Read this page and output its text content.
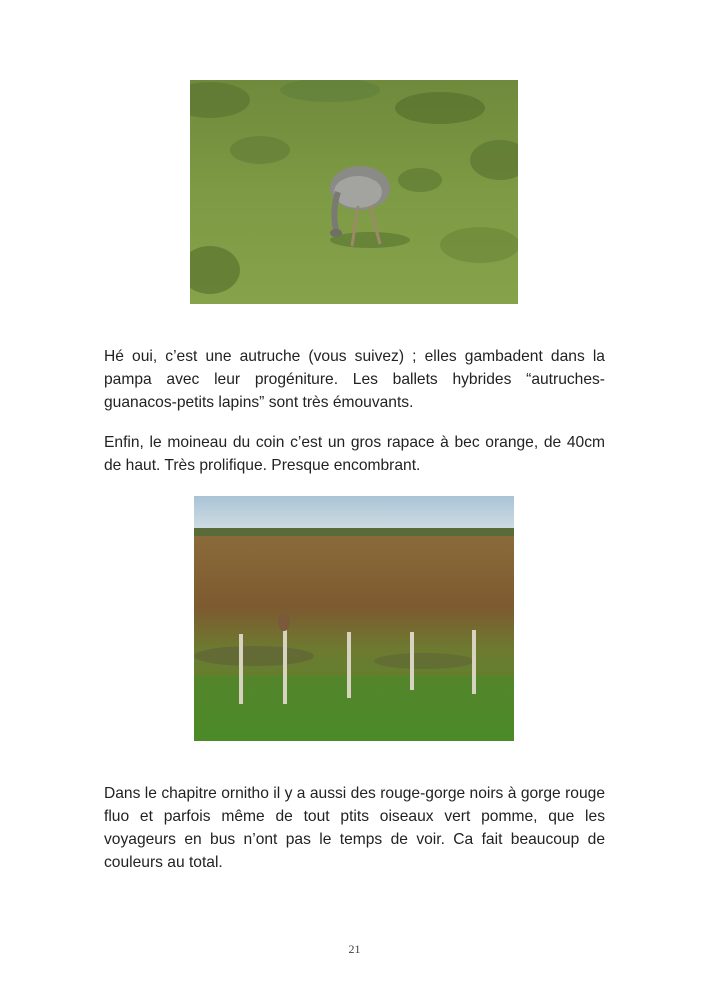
Hé oui, c’est une autruche (vous suivez) ; elles gambadent dans la pampa avec leur progéniture. Les ballets hybrides “autruches-guanacos-petits lapins” sont très émouvants.

Enfin, le moineau du coin c’est un gros rapace à bec orange, de 40cm de haut. Très prolifique. Presque encombrant.

Dans le chapitre ornitho il y a aussi des rouge-gorge noirs à gorge rouge fluo et parfois même de tout ptits oiseaux vert pomme, que les voyageurs en bus n’ont pas le temps de voir. Ca fait beaucoup de couleurs au total.

21
